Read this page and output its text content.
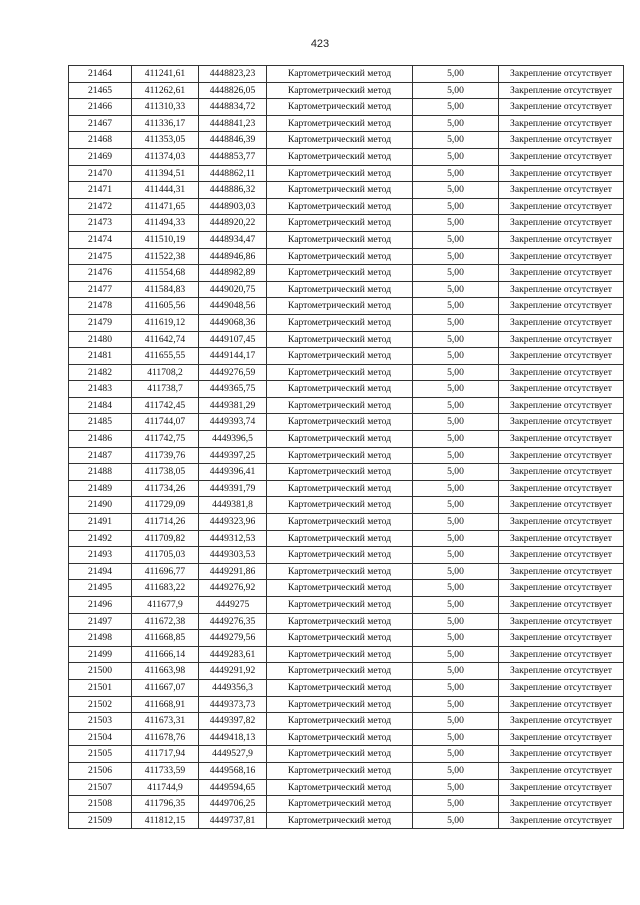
423
21464	411241,61	4448823,23	Картометрический метод	5,00	Закрепление отсутствует
21465	411262,61	4448826,05	Картометрический метод	5,00	Закрепление отсутствует
21466	411310,33	4448834,72	Картометрический метод	5,00	Закрепление отсутствует
21467	411336,17	4448841,23	Картометрический метод	5,00	Закрепление отсутствует
21468	411353,05	4448846,39	Картометрический метод	5,00	Закрепление отсутствует
21469	411374,03	4448853,77	Картометрический метод	5,00	Закрепление отсутствует
21470	411394,51	4448862,11	Картометрический метод	5,00	Закрепление отсутствует
21471	411444,31	4448886,32	Картометрический метод	5,00	Закрепление отсутствует
21472	411471,65	4448903,03	Картометрический метод	5,00	Закрепление отсутствует
21473	411494,33	4448920,22	Картометрический метод	5,00	Закрепление отсутствует
21474	411510,19	4448934,47	Картометрический метод	5,00	Закрепление отсутствует
21475	411522,38	4448946,86	Картометрический метод	5,00	Закрепление отсутствует
21476	411554,68	4448982,89	Картометрический метод	5,00	Закрепление отсутствует
21477	411584,83	4449020,75	Картометрический метод	5,00	Закрепление отсутствует
21478	411605,56	4449048,56	Картометрический метод	5,00	Закрепление отсутствует
21479	411619,12	4449068,36	Картометрический метод	5,00	Закрепление отсутствует
21480	411642,74	4449107,45	Картометрический метод	5,00	Закрепление отсутствует
21481	411655,55	4449144,17	Картометрический метод	5,00	Закрепление отсутствует
21482	411708,2	4449276,59	Картометрический метод	5,00	Закрепление отсутствует
21483	411738,7	4449365,75	Картометрический метод	5,00	Закрепление отсутствует
21484	411742,45	4449381,29	Картометрический метод	5,00	Закрепление отсутствует
21485	411744,07	4449393,74	Картометрический метод	5,00	Закрепление отсутствует
21486	411742,75	4449396,5	Картометрический метод	5,00	Закрепление отсутствует
21487	411739,76	4449397,25	Картометрический метод	5,00	Закрепление отсутствует
21488	411738,05	4449396,41	Картометрический метод	5,00	Закрепление отсутствует
21489	411734,26	4449391,79	Картометрический метод	5,00	Закрепление отсутствует
21490	411729,09	4449381,8	Картометрический метод	5,00	Закрепление отсутствует
21491	411714,26	4449323,96	Картометрический метод	5,00	Закрепление отсутствует
21492	411709,82	4449312,53	Картометрический метод	5,00	Закрепление отсутствует
21493	411705,03	4449303,53	Картометрический метод	5,00	Закрепление отсутствует
21494	411696,77	4449291,86	Картометрический метод	5,00	Закрепление отсутствует
21495	411683,22	4449276,92	Картометрический метод	5,00	Закрепление отсутствует
21496	411677,9	4449275	Картометрический метод	5,00	Закрепление отсутствует
21497	411672,38	4449276,35	Картометрический метод	5,00	Закрепление отсутствует
21498	411668,85	4449279,56	Картометрический метод	5,00	Закрепление отсутствует
21499	411666,14	4449283,61	Картометрический метод	5,00	Закрепление отсутствует
21500	411663,98	4449291,92	Картометрический метод	5,00	Закрепление отсутствует
21501	411667,07	4449356,3	Картометрический метод	5,00	Закрепление отсутствует
21502	411668,91	4449373,73	Картометрический метод	5,00	Закрепление отсутствует
21503	411673,31	4449397,82	Картометрический метод	5,00	Закрепление отсутствует
21504	411678,76	4449418,13	Картометрический метод	5,00	Закрепление отсутствует
21505	411717,94	4449527,9	Картометрический метод	5,00	Закрепление отсутствует
21506	411733,59	4449568,16	Картометрический метод	5,00	Закрепление отсутствует
21507	411744,9	4449594,65	Картометрический метод	5,00	Закрепление отсутствует
21508	411796,35	4449706,25	Картометрический метод	5,00	Закрепление отсутствует
21509	411812,15	4449737,81	Картометрический метод	5,00	Закрепление отсутствует
